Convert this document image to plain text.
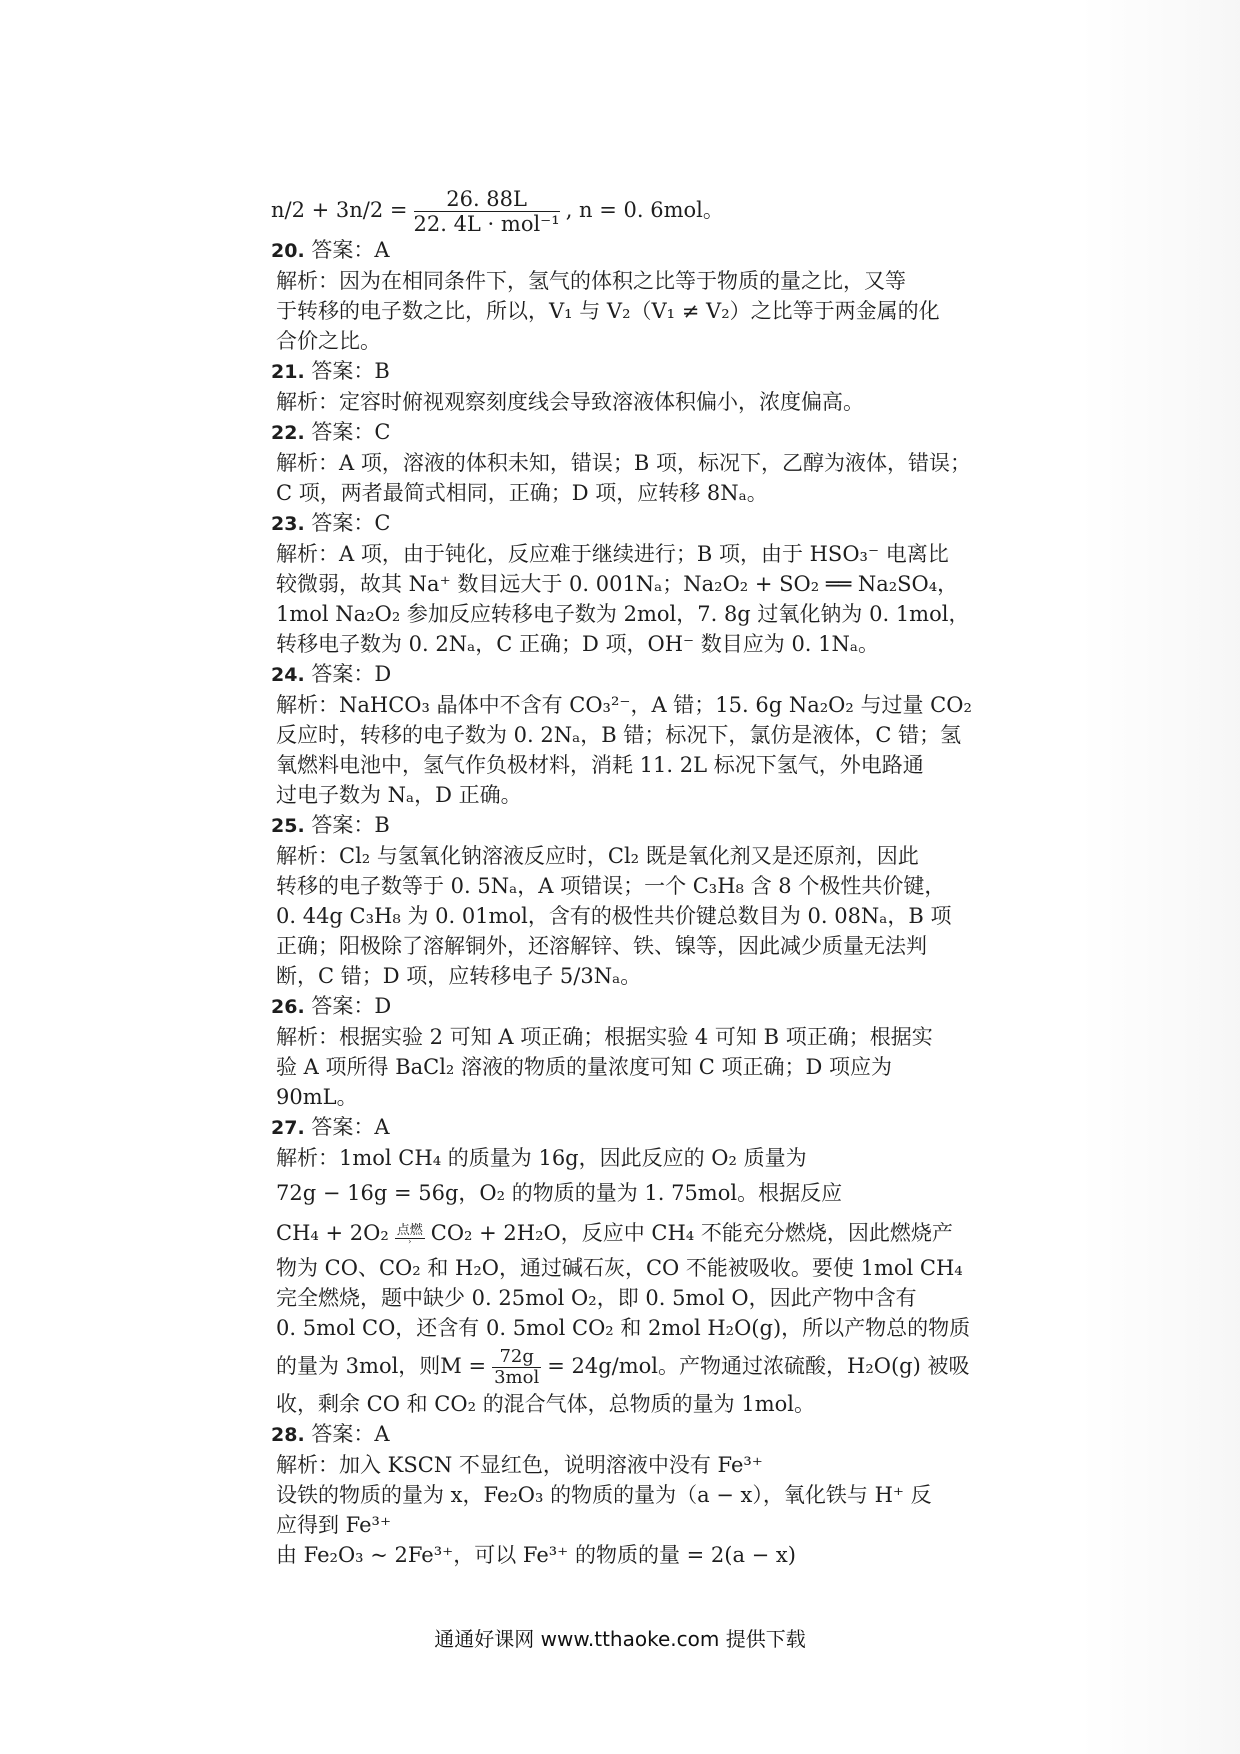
$n/2 + 3n/2 = \frac{26. 88L}{\text{22. 4L · mol⁻¹}}$ , n = 0. 6mol。
20. 答案：A
解析：因为在相同条件下，氢气的体积之比等于物质的量之比，又等
于转移的电子数之比，所以，V₁ 与 V₂（V₁ ≠ V₂）之比等于两金属的化
合价之比。
21. 答案：B
解析：定容时俯视观察刻度线会导致溶液体积偏小，浓度偏高。
22. 答案：C
解析：A 项，溶液的体积未知，错误；B 项，标况下，乙醇为液体，错误；
C 项，两者最简式相同，正确；D 项，应转移 8Nₐ。
23. 答案：C
解析：A 项，由于钝化，反应难于继续进行；B 项，由于 HSO₃⁻ 电离比
较微弱，故其 Na⁺ 数目远大于 0. 001Nₐ；Na₂O₂ + SO₂ ══ Na₂SO₄，
1mol Na₂O₂ 参加反应转移电子数为 2mol，7. 8g 过氧化钠为 0. 1mol，
转移电子数为 0. 2Nₐ，C 正确；D 项，OH⁻ 数目应为 0. 1Nₐ。
24. 答案：D
解析：NaHCO₃ 晶体中不含有 CO₃²⁻，A 错；15. 6g Na₂O₂ 与过量 CO₂
反应时，转移的电子数为 0. 2Nₐ，B 错；标况下，氯仿是液体，C 错；氢
氧燃料电池中，氢气作负极材料，消耗 11. 2L 标况下氢气，外电路通
过电子数为 Nₐ，D 正确。
25. 答案：B
解析：Cl₂ 与氢氧化钠溶液反应时，Cl₂ 既是氧化剂又是还原剂，因此
转移的电子数等于 0. 5Nₐ，A 项错误；一个 C₃H₈ 含 8 个极性共价键，
0. 44g C₃H₈ 为 0. 01mol，含有的极性共价键总数目为 0. 08Nₐ，B 项
正确；阳极除了溶解铜外，还溶解锌、铁、镍等，因此减少质量无法判
断，C 错；D 项，应转移电子 5/3Nₐ。
26. 答案：D
解析：根据实验 2 可知 A 项正确；根据实验 4 可知 B 项正确；根据实
验 A 项所得 BaCl₂ 溶液的物质的量浓度可知 C 项正确；D 项应为
90mL。
27. 答案：A
解析：1mol CH₄ 的质量为 16g，因此反应的 O₂ 质量为
72g − 16g = 56g，O₂ 的物质的量为 1. 75mol。根据反应
$CH_4 + 2O_2 \frac{\text{点燃}}{›} CO_2 + 2H_2O$，反应中 CH₄ 不能充分燃烧，因此燃烧产
物为 CO、CO₂ 和 H₂O，通过碱石灰，CO 不能被吸收。要使 1mol CH₄
完全燃烧，题中缺少 0. 25mol O₂，即 0. 5mol O，因此产物中含有
0. 5mol CO，还含有 0. 5mol CO₂ 和 2mol H₂O(g)，所以产物总的物质
的量为 3mol，则$M = \frac{72g}{\text{3mol}} = 24g/mol$。产物通过浓硫酸，H₂O(g) 被吸
收，剩余 CO 和 CO₂ 的混合气体，总物质的量为 1mol。
28. 答案：A
解析：加入 KSCN 不显红色，说明溶液中没有 Fe³⁺
设铁的物质的量为 x，Fe₂O₃ 的物质的量为（a − x），氧化铁与 H⁺ 反
应得到 Fe³⁺
由 Fe₂O₃ ~ 2Fe³⁺，可以 Fe³⁺ 的物质的量 = 2(a − x)
通通好课网 www.tthaoke.com 提供下载
